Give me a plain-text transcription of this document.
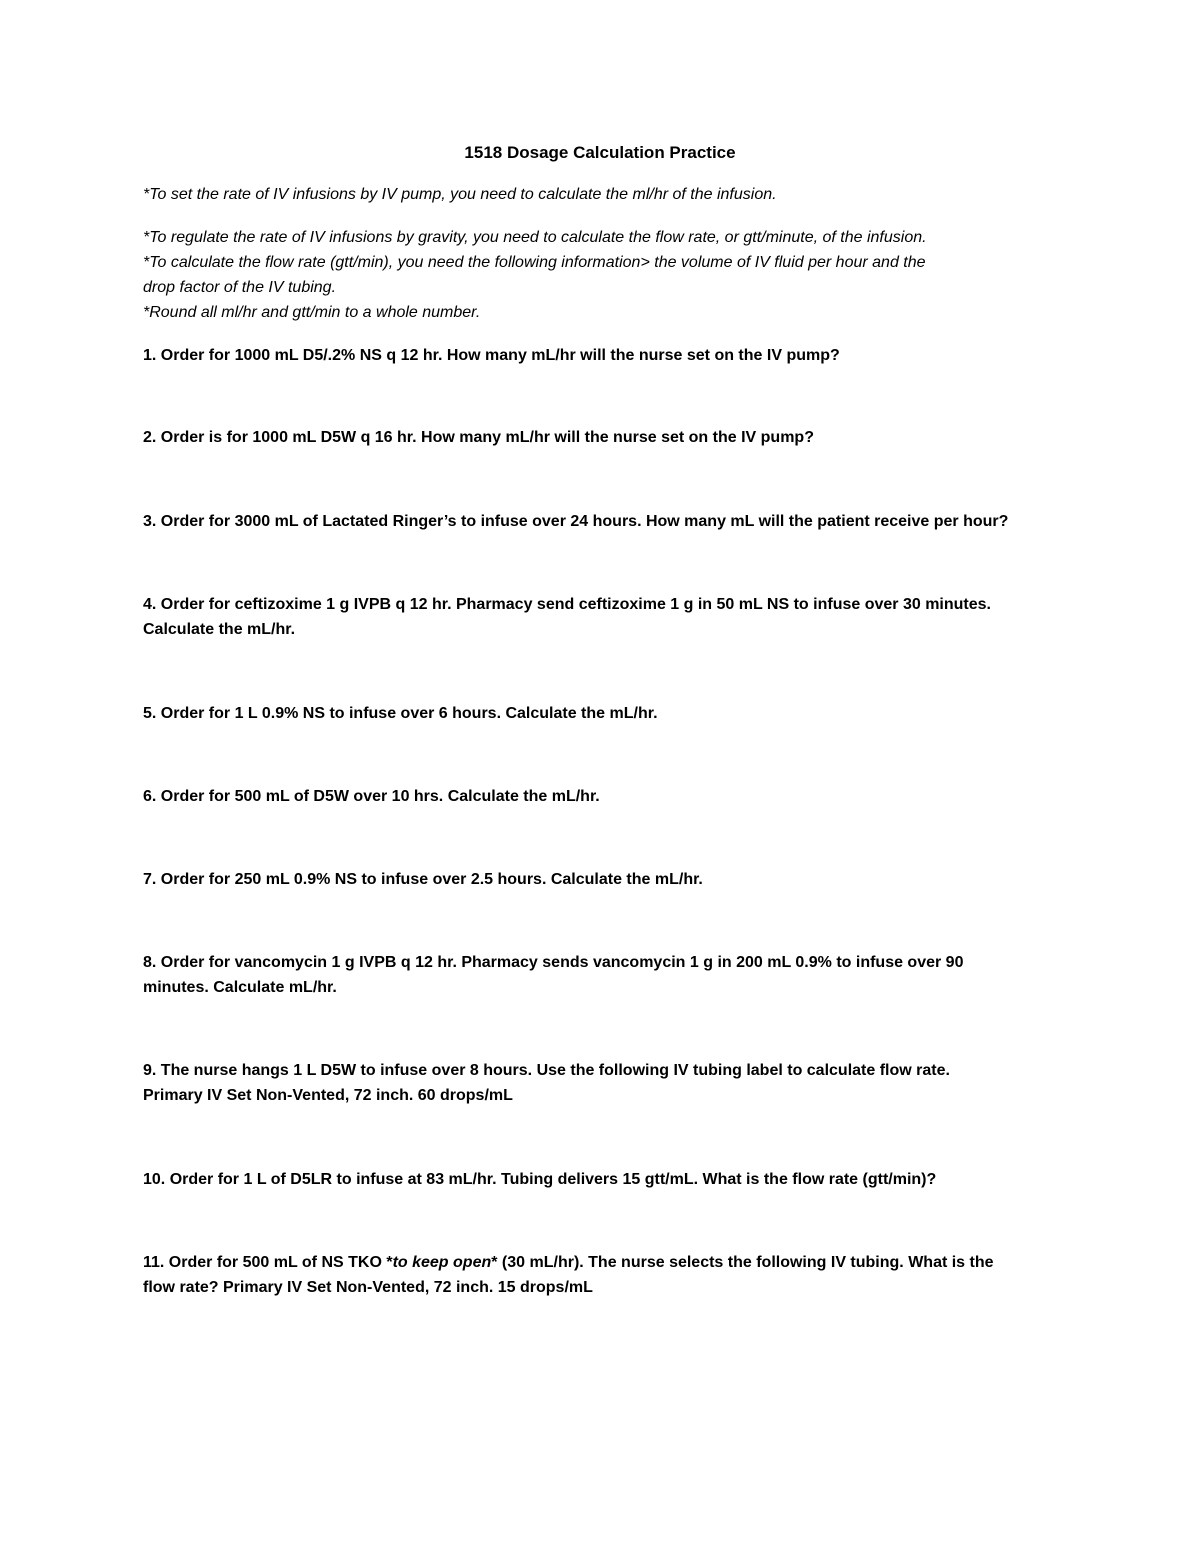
1518 Dosage Calculation Practice
*To set the rate of IV infusions by IV pump, you need to calculate the ml/hr of the infusion.
*To regulate the rate of IV infusions by gravity, you need to calculate the flow rate, or gtt/minute, of the infusion.
*To calculate the flow rate (gtt/min), you need the following information> the volume of IV fluid per hour and the
drop factor of the IV tubing.
*Round all ml/hr and gtt/min to a whole number.
1. Order for 1000 mL D5/.2% NS q 12 hr. How many mL/hr will the nurse set on the IV pump?
2. Order is for 1000 mL D5W q 16 hr. How many mL/hr will the nurse set on the IV pump?
3. Order for 3000 mL of Lactated Ringer’s to infuse over 24 hours. How many mL will the patient receive per hour?
4. Order for ceftizoxime 1 g IVPB q 12 hr. Pharmacy send ceftizoxime 1 g in 50 mL NS to infuse over 30 minutes.
Calculate the mL/hr.
5. Order for 1 L 0.9% NS to infuse over 6 hours. Calculate the mL/hr.
6. Order for 500 mL of D5W over 10 hrs. Calculate the mL/hr.
7. Order for 250 mL 0.9% NS to infuse over 2.5 hours. Calculate the mL/hr.
8. Order for vancomycin 1 g IVPB q 12 hr. Pharmacy sends vancomycin 1 g in 200 mL 0.9% to infuse over 90
minutes. Calculate mL/hr.
9. The nurse hangs 1 L D5W to infuse over 8 hours. Use the following IV tubing label to calculate flow rate.
Primary IV Set Non-Vented, 72 inch. 60 drops/mL
10. Order for 1 L of D5LR to infuse at 83 mL/hr. Tubing delivers 15 gtt/mL. What is the flow rate (gtt/min)?
11. Order for 500 mL of NS TKO *to keep open* (30 mL/hr). The nurse selects the following IV tubing. What is the
flow rate? Primary IV Set Non-Vented, 72 inch. 15 drops/mL
